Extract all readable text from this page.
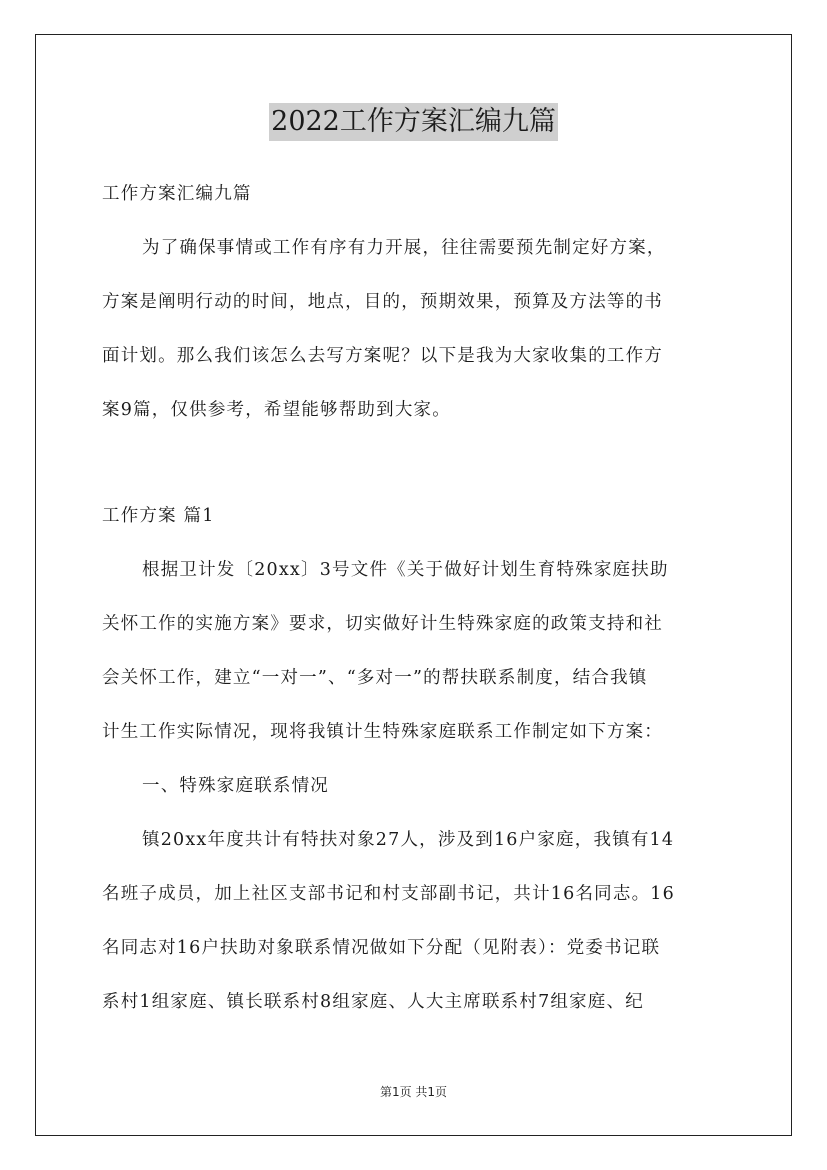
2022工作方案汇编九篇
工作方案汇编九篇
为了确保事情或工作有序有力开展，往往需要预先制定好方案，
方案是阐明行动的时间，地点，目的，预期效果，预算及方法等的书
面计划。那么我们该怎么去写方案呢？以下是我为大家收集的工作方
案9篇，仅供参考，希望能够帮助到大家。
工作方案 篇1
根据卫计发〔20xx〕3号文件《关于做好计划生育特殊家庭扶助
关怀工作的实施方案》要求，切实做好计生特殊家庭的政策支持和社
会关怀工作，建立“一对一”、“多对一”的帮扶联系制度，结合我镇
计生工作实际情况，现将我镇计生特殊家庭联系工作制定如下方案：
一、特殊家庭联系情况
镇20xx年度共计有特扶对象27人，涉及到16户家庭，我镇有14
名班子成员，加上社区支部书记和村支部副书记，共计16名同志。16
名同志对16户扶助对象联系情况做如下分配（见附表）：党委书记联
系村1组家庭、镇长联系村8组家庭、人大主席联系村7组家庭、纪
第1页 共1页
